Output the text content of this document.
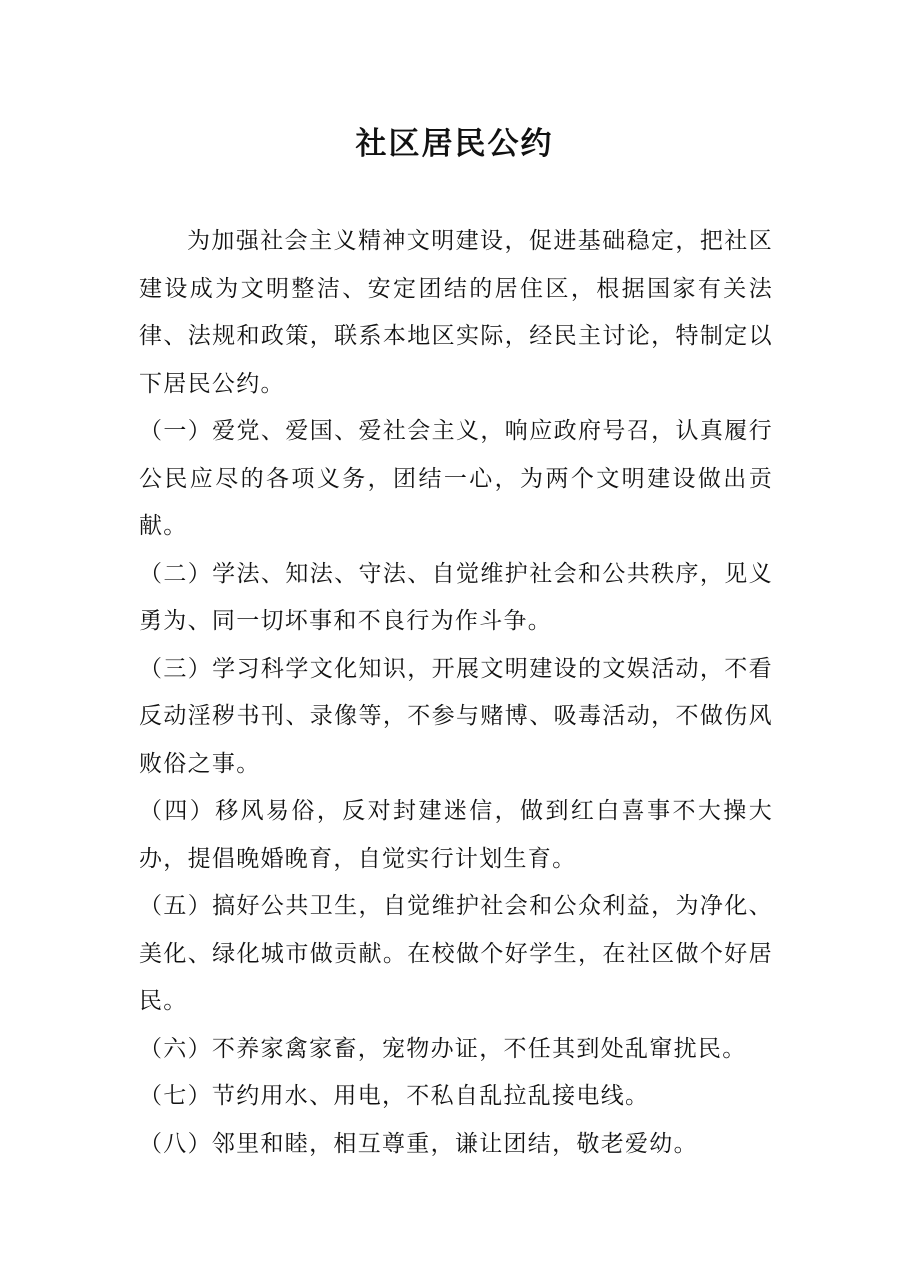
社区居民公约

为加强社会主义精神文明建设，促进基础稳定，把社区建设成为文明整洁、安定团结的居住区，根据国家有关法律、法规和政策，联系本地区实际，经民主讨论，特制定以下居民公约。

（一）爱党、爱国、爱社会主义，响应政府号召，认真履行公民应尽的各项义务，团结一心，为两个文明建设做出贡献。

（二）学法、知法、守法、自觉维护社会和公共秩序，见义勇为、同一切坏事和不良行为作斗争。

（三）学习科学文化知识，开展文明建设的文娱活动，不看反动淫秽书刊、录像等，不参与赌博、吸毒活动，不做伤风败俗之事。

（四）移风易俗，反对封建迷信，做到红白喜事不大操大办，提倡晚婚晚育，自觉实行计划生育。

（五）搞好公共卫生，自觉维护社会和公众利益，为净化、美化、绿化城市做贡献。在校做个好学生，在社区做个好居民。

（六）不养家禽家畜，宠物办证，不任其到处乱窜扰民。

（七）节约用水、用电，不私自乱拉乱接电线。

（八）邻里和睦，相互尊重，谦让团结，敬老爱幼。
